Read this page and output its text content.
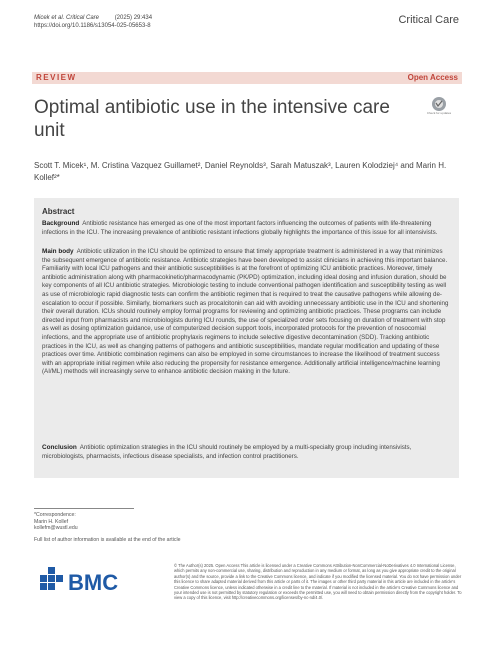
Micek et al. Critical Care	(2025) 29:434
https://doi.org/10.1186/s13054-025-05653-8	Critical Care
REVIEW	Open Access
Optimal antibiotic use in the intensive care unit
Check for updates
Scott T. Micek¹, M. Cristina Vazquez Guillamet², Daniel Reynolds³, Sarah Matuszak³, Lauren Kolodziej⁴ and Marin H. Kollef²*
Abstract
Background Antibiotic resistance has emerged as one of the most important factors influencing the outcomes of patients with life-threatening infections in the ICU. The increasing prevalence of antibiotic resistant infections globally highlights the importance of this issue for all intensivists.
Main body Antibiotic utilization in the ICU should be optimized to ensure that timely appropriate treatment is administered in a way that minimizes the subsequent emergence of antibiotic resistance. Antibiotic strategies have been developed to assist clinicians in achieving this important balance. Familiarity with local ICU pathogens and their antibiotic susceptibilities is at the forefront of optimizing ICU antibiotic practices. Moreover, timely antibiotic administration along with pharmacokinetic/pharmacodynamic (PK/PD) optimization, including ideal dosing and infusion duration, should be key components of all ICU antibiotic strategies. Microbiologic testing to include conventional pathogen identification and susceptibility testing as well as use of microbiologic rapid diagnostic tests can confirm the antibiotic regimen that is required to treat the causative pathogens while allowing de-escalation to occur if possible. Similarly, biomarkers such as procalcitonin can aid with avoiding unnecessary antibiotic use in the ICU and shortening their overall duration. ICUs should routinely employ formal programs for reviewing and optimizing antibiotic practices. These programs can include directed input from pharmacists and microbiologists during ICU rounds, the use of specialized order sets focusing on duration of treatment with stop as well as dosing optimization guidance, use of computerized decision support tools, incorporated protocols for the prevention of nosocomial infections, and the appropriate use of antibiotic prophylaxis regimens to include selective digestive decontamination (SDD). Tracking antibiotic practices in the ICU, as well as changing patterns of pathogens and antibiotic susceptibilities, mandate regular modification and updating of these practices over time. Antibiotic combination regimens can also be employed in some circumstances to increase the likelihood of treatment success with an appropriate initial regimen while also reducing the propensity for resistance emergence. Additionally artificial intelligence/machine learning (AI/ML) methods will increasingly serve to enhance antibiotic decision making in the future.
Conclusion Antibiotic optimization strategies in the ICU should routinely be employed by a multi-specialty group including intensivists, microbiologists, pharmacists, infectious disease specialists, and infection control practitioners.
*Correspondence:
Marin H. Kollef
kollefm@wustl.edu
Full list of author information is available at the end of the article
BMC
© The Author(s) 2025. Open Access This article is licensed under a Creative Commons Attribution-NonCommercial-NoDerivatives 4.0 International License, which permits any non-commercial use, sharing, distribution and reproduction in any medium or format, as long as you give appropriate credit to the original author(s) and the source, provide a link to the Creative Commons licence, and indicate if you modified the licensed material. You do not have permission under this licence to share adapted material derived from this article or parts of it. The images or other third party material in this article are included in the article's Creative Commons licence, unless indicated otherwise in a credit line to the material. If material is not included in the article's Creative Commons licence and your intended use is not permitted by statutory regulation or exceeds the permitted use, you will need to obtain permission directly from the copyright holder. To view a copy of this licence, visit http://creativecommons.org/licenses/by-nc-nd/4.0/.
